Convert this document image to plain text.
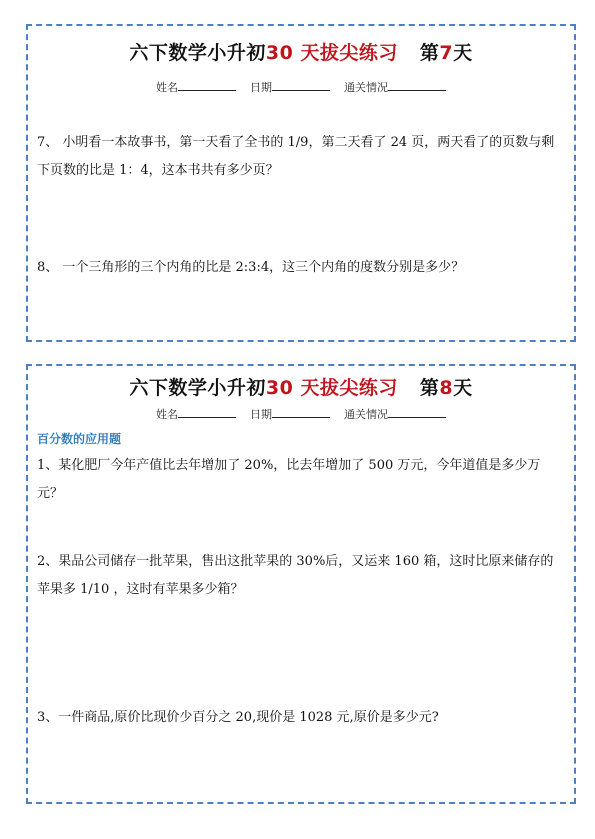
六下数学小升初30 天拔尖练习 第7天
姓名	日期	通关情况
7、 小明看一本故事书，第一天看了全书的 1/9，第二天看了 24 页，两天看了的页数与剩下页数的比是 1：4，这本书共有多少页？
8、 一个三角形的三个内角的比是 2:3:4，这三个内角的度数分别是多少？
六下数学小升初30 天拔尖练习 第8天
姓名	日期	通关情况
百分数的应用题
1、某化肥厂今年产值比去年增加了 20%，比去年增加了 500 万元，今年道值是多少万元？
2、果品公司储存一批苹果，售出这批苹果的 30%后，又运来 160 箱，这时比原来储存的苹果多 1/10 ，这时有苹果多少箱？
3、一件商品,原价比现价少百分之 20,现价是 1028 元,原价是多少元?
